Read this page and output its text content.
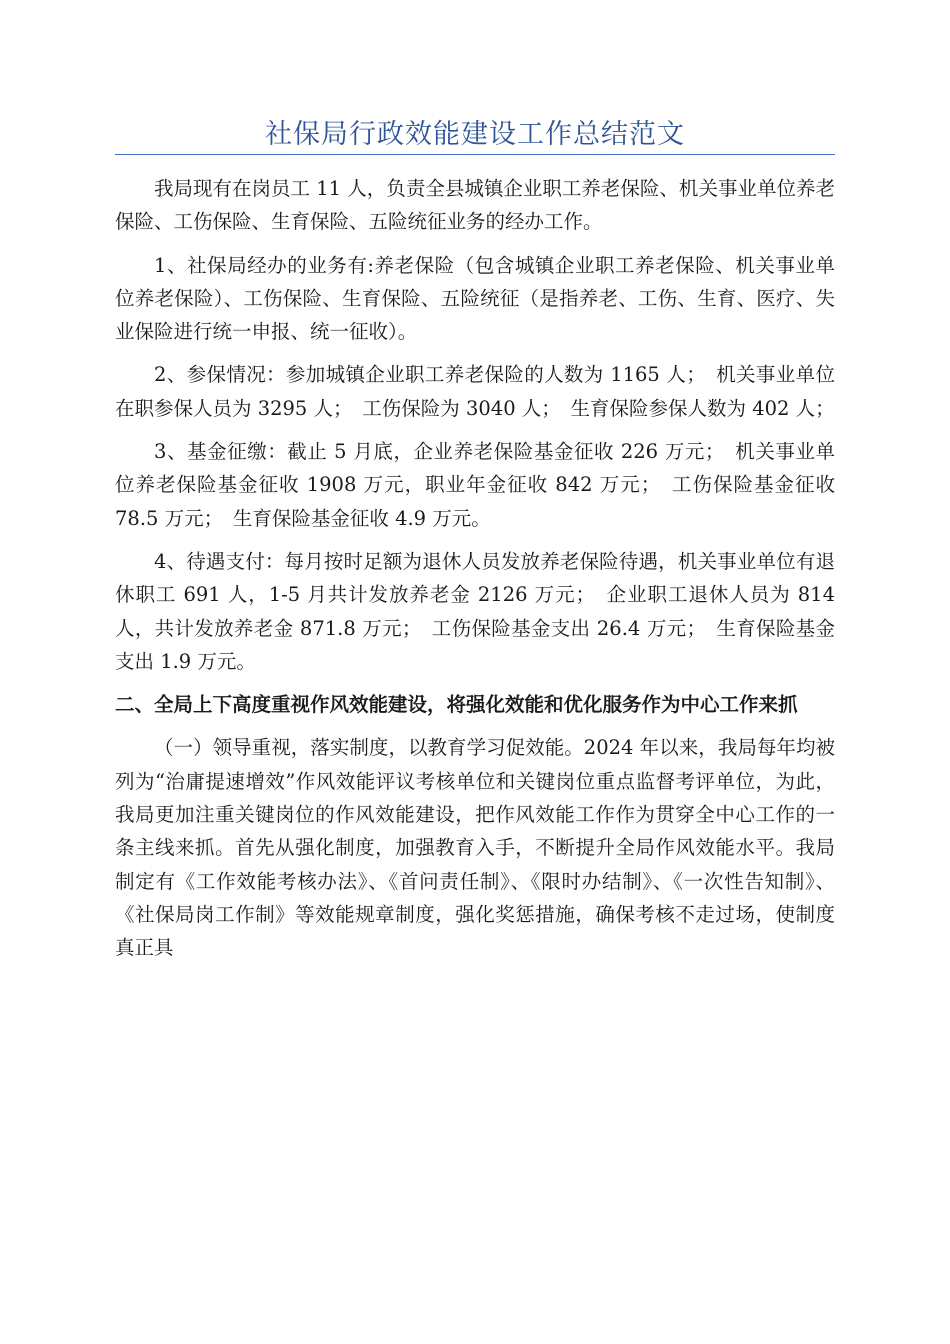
社保局行政效能建设工作总结范文

我局现有在岗员工 11 人，负责全县城镇企业职工养老保险、机关事业单位养老保险、工伤保险、生育保险、五险统征业务的经办工作。

1、社保局经办的业务有:养老保险（包含城镇企业职工养老保险、机关事业单位养老保险）、工伤保险、生育保险、五险统征（是指养老、工伤、生育、医疗、失业保险进行统一申报、统一征收）。

2、参保情况：参加城镇企业职工养老保险的人数为 1165 人；　机关事业单位在职参保人员为 3295 人；　工伤保险为 3040 人；　生育保险参保人数为 402 人；

3、基金征缴：截止 5 月底，企业养老保险基金征收 226 万元；　机关事业单位养老保险基金征收 1908 万元，职业年金征收 842 万元；　工伤保险基金征收 78.5 万元；　生育保险基金征收 4.9 万元。

4、待遇支付：每月按时足额为退休人员发放养老保险待遇，机关事业单位有退休职工 691 人，1-5 月共计发放养老金 2126 万元；　企业职工退休人员为 814 人，共计发放养老金 871.8 万元；　工伤保险基金支出 26.4 万元；　生育保险基金支出 1.9 万元。

二、全局上下高度重视作风效能建设，将强化效能和优化服务作为中心工作来抓

（一）领导重视，落实制度，以教育学习促效能。2024 年以来，我局每年均被列为“治庸提速增效”作风效能评议考核单位和关键岗位重点监督考评单位，为此，我局更加注重关键岗位的作风效能建设，把作风效能工作作为贯穿全中心工作的一条主线来抓。首先从强化制度，加强教育入手，不断提升全局作风效能水平。我局制定有《工作效能考核办法》、《首问责任制》、《限时办结制》、《一次性告知制》、《社保局岗工作制》等效能规章制度，强化奖惩措施，确保考核不走过场，使制度真正具
